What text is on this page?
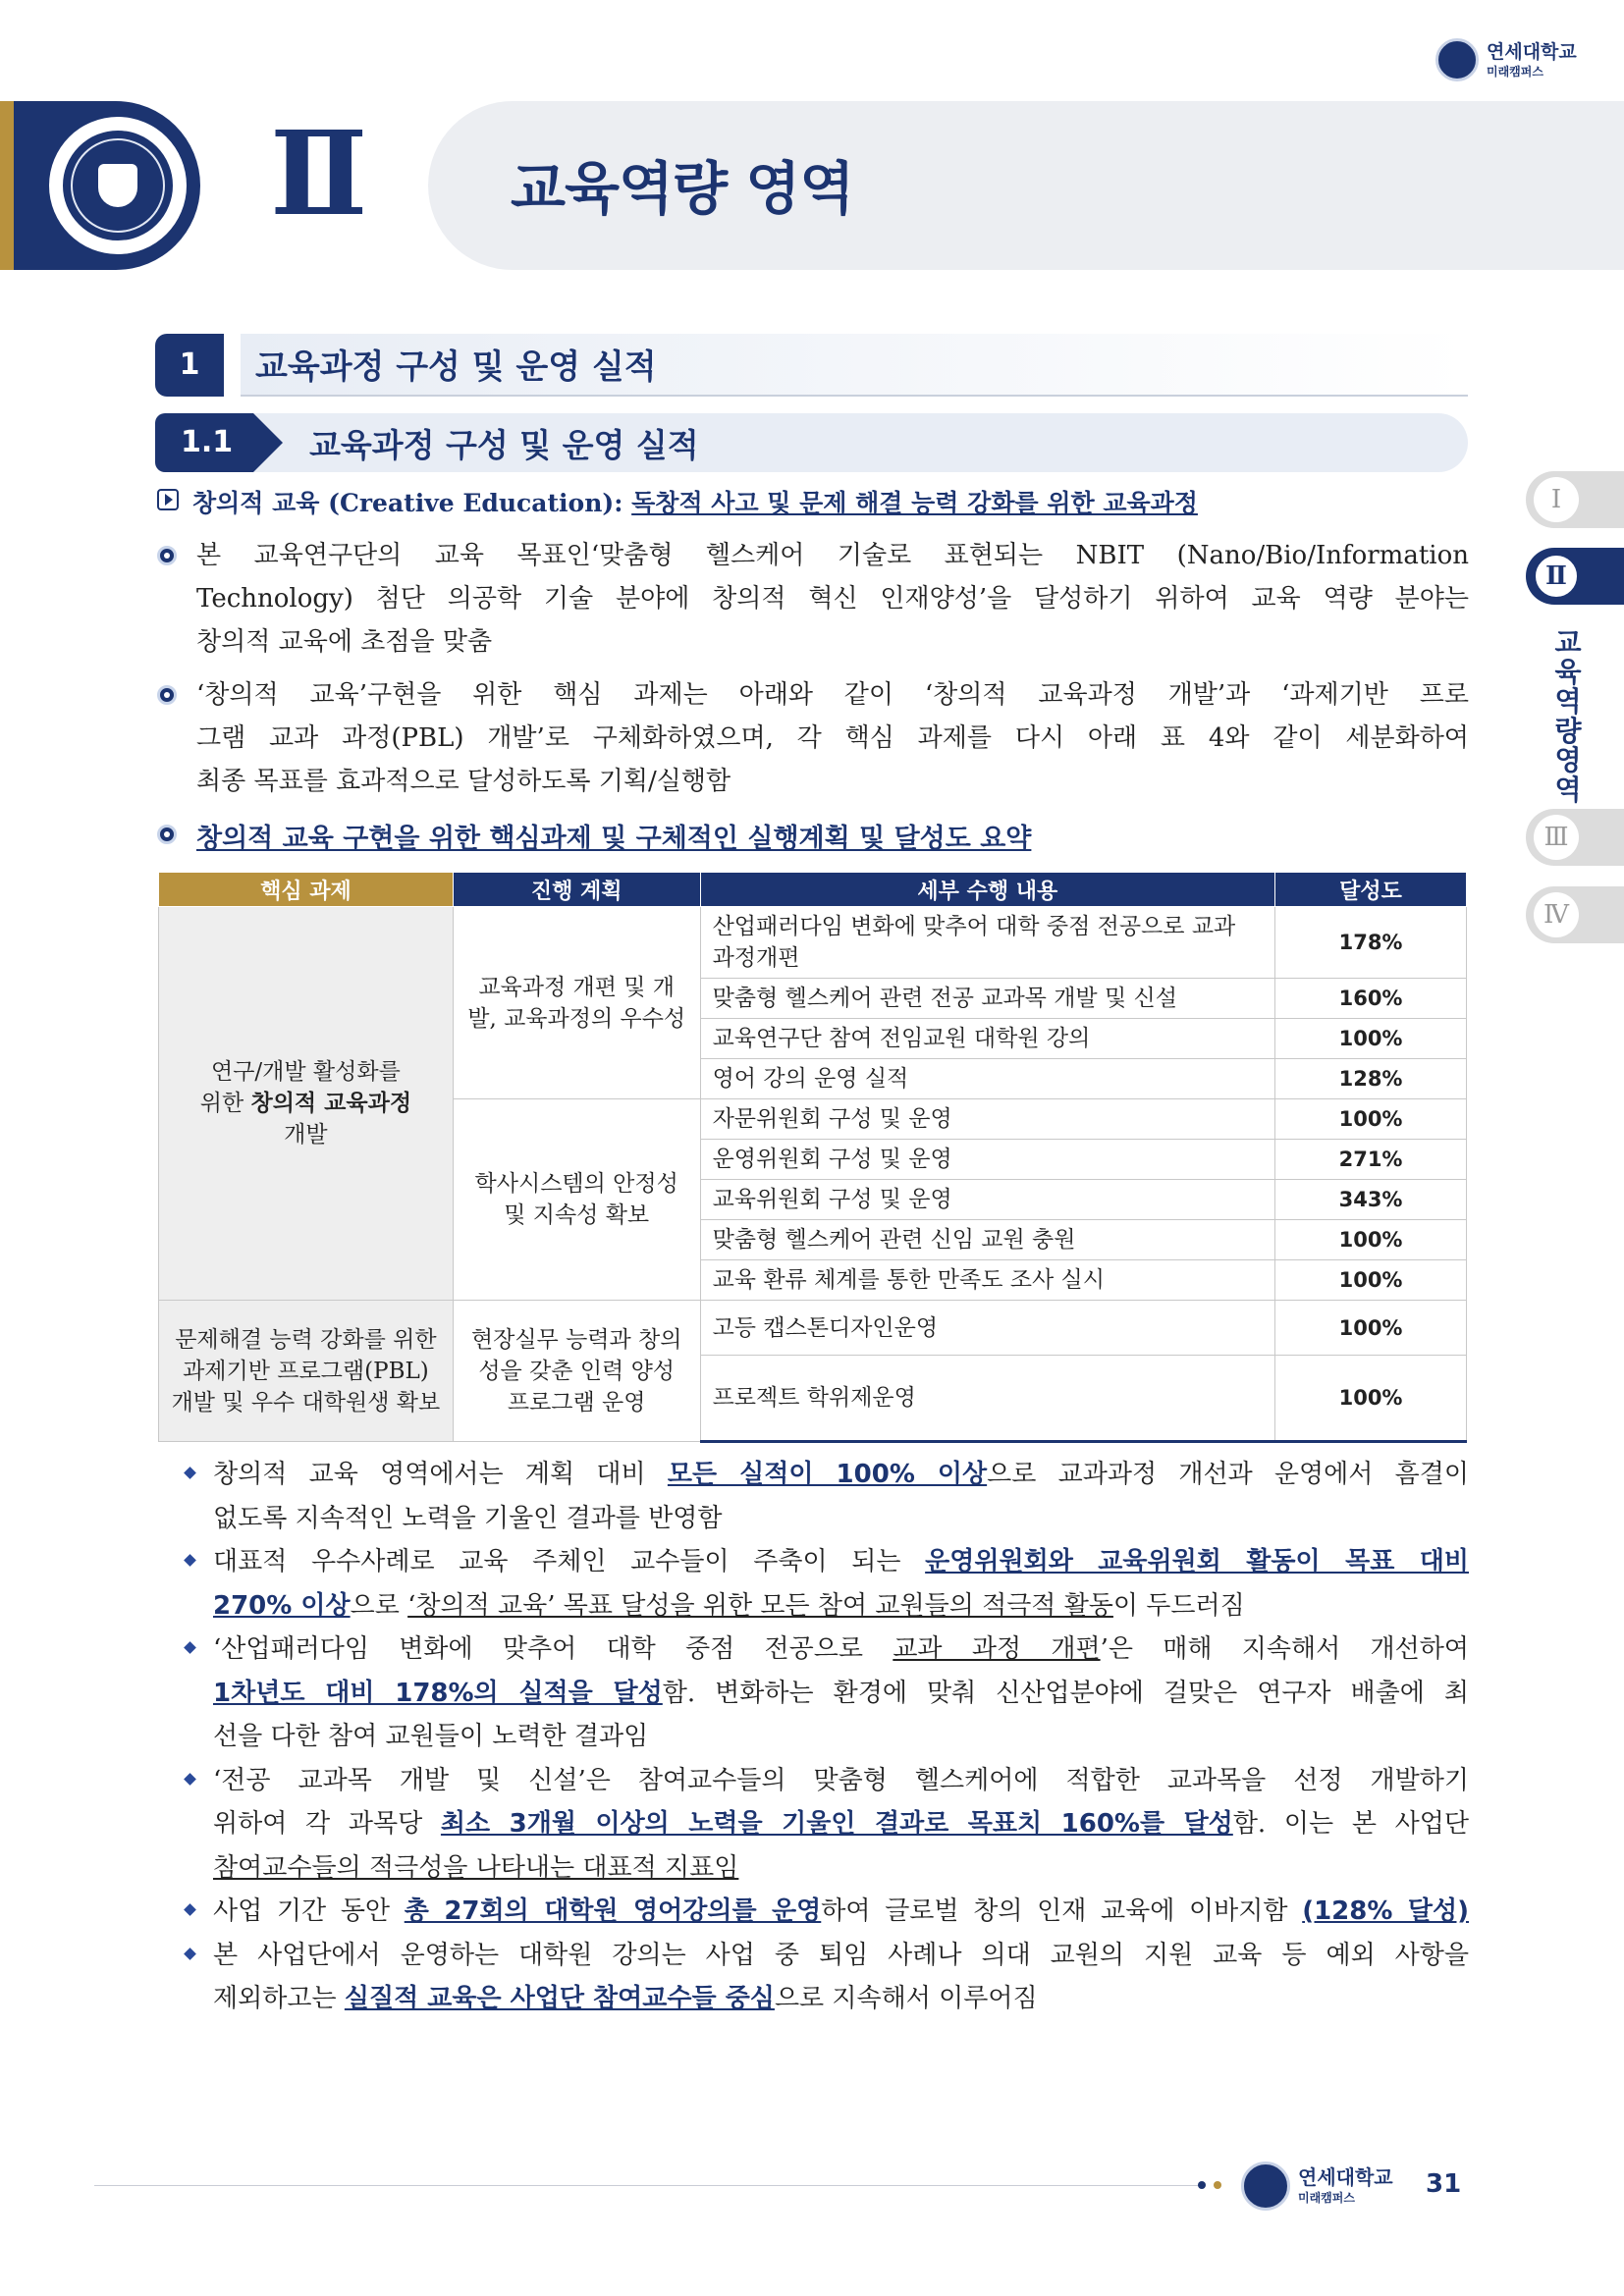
연세대학교
미래캠퍼스
Ⅱ	교육역량 영역
1	교육과정 구성 및 운영 실적
1.1	교육과정 구성 및 운영 실적
창의적 교육 (Creative Education): 독창적 사고 및 문제 해결 능력 강화를 위한 교육과정
본 교육연구단의 교육 목표인‘맞춤형 헬스케어 기술로 표현되는 NBIT (Nano/Bio/Information
Technology) 첨단 의공학 기술 분야에 창의적 혁신 인재양성’을 달성하기 위하여 교육 역량 분야는
창의적 교육에 초점을 맞춤
‘창의적 교육’구현을 위한 핵심 과제는 아래와 같이 ‘창의적 교육과정 개발’과 ‘과제기반 프로
그램 교과 과정(PBL) 개발’로 구체화하였으며, 각 핵심 과제를 다시 아래 표 4와 같이 세분화하여
최종 목표를 효과적으로 달성하도록 기획/실행함
창의적 교육 구현을 위한 핵심과제 및 구체적인 실행계획 및 달성도 요약
핵심 과제	진행 계획	세부 수행 내용	달성도
연구/개발 활성화를
위한 창의적 교육과정
개발	교육과정 개편 및 개발, 교육과정의 우수성	산업패러다임 변화에 맞추어 대학 중점 전공으로 교과 과정개편	178%
		맞춤형 헬스케어 관련 전공 교과목 개발 및 신설	160%
		교육연구단 참여 전임교원 대학원 강의	100%
		영어 강의 운영 실적	128%
	학사시스템의 안정성 및 지속성 확보	자문위원회 구성 및 운영	100%
		운영위원회 구성 및 운영	271%
		교육위원회 구성 및 운영	343%
		맞춤형 헬스케어 관련 신임 교원 충원	100%
		교육 환류 체계를 통한 만족도 조사 실시	100%
문제해결 능력 강화를 위한 과제기반 프로그램(PBL) 개발 및 우수 대학원생 확보	현장실무 능력과 창의성을 갖춘 인력 양성 프로그램 운영	고등 캡스톤디자인운영	100%
		프로젝트 학위제운영	100%
창의적 교육 영역에서는 계획 대비 모든 실적이 100% 이상으로 교과과정 개선과 운영에서 흠결이
없도록 지속적인 노력을 기울인 결과를 반영함
대표적 우수사례로 교육 주체인 교수들이 주축이 되는 운영위원회와 교육위원회 활동이 목표 대비
270% 이상으로 ‘창의적 교육’ 목표 달성을 위한 모든 참여 교원들의 적극적 활동이 두드러짐
‘산업패러다임 변화에 맞추어 대학 중점 전공으로 교과 과정 개편’은 매해 지속해서 개선하여
1차년도 대비 178%의 실적을 달성함. 변화하는 환경에 맞춰 신산업분야에 걸맞은 연구자 배출에 최
선을 다한 참여 교원들이 노력한 결과임
‘전공 교과목 개발 및 신설’은 참여교수들의 맞춤형 헬스케어에 적합한 교과목을 선정 개발하기
위하여 각 과목당 최소 3개월 이상의 노력을 기울인 결과로 목표치 160%를 달성함. 이는 본 사업단
참여교수들의 적극성을 나타내는 대표적 지표임
사업 기간 동안 총 27회의 대학원 영어강의를 운영하여 글로벌 창의 인재 교육에 이바지함 (128% 달성)
본 사업단에서 운영하는 대학원 강의는 사업 중 퇴임 사례나 의대 교원의 지원 교육 등 예외 사항을
제외하고는 실질적 교육은 사업단 참여교수들 중심으로 지속해서 이루어짐
Ⅰ
Ⅱ
교
육
역
량
영
역
Ⅲ
Ⅳ
연세대학교
미래캠퍼스	31
